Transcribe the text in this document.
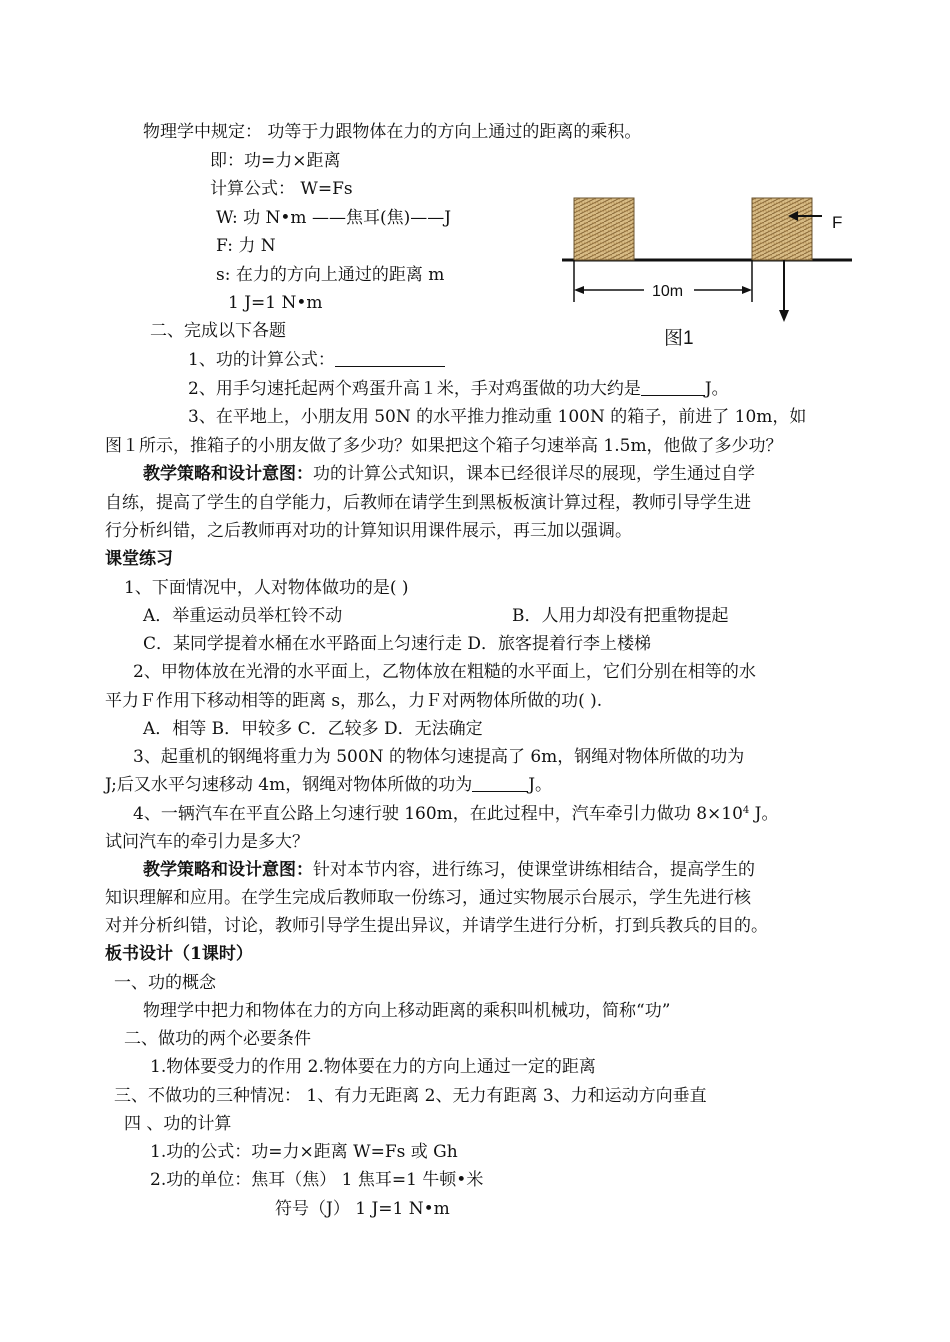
物理学中规定： 功等于力跟物体在力的方向上通过的距离的乘积。
即：功=力×距离
计算公式： W=Fs
W: 功 N•m ——焦耳(焦)——J
F: 力 N
s: 在力的方向上通过的距离 m
1 J=1 N•m
二、完成以下各题
1、功的计算公式：
2、用手匀速托起两个鸡蛋升高１米，手对鸡蛋做的功大约是	J。
3、在平地上，小朋友用 50N 的水平推力推动重 100N 的箱子，前进了 10m，如
图１所示，推箱子的小朋友做了多少功？如果把这个箱子匀速举高 1.5m，他做了多少功？
教学策略和设计意图：功的计算公式知识，课本已经很详尽的展现，学生通过自学
自练，提高了学生的自学能力，后教师在请学生到黑板板演计算过程，教师引导学生进
行分析纠错，之后教师再对功的计算知识用课件展示，再三加以强调。
课堂练习
1、下面情况中，人对物体做功的是( )
A．举重运动员举杠铃不动	B．人用力却没有把重物提起
C．某同学提着水桶在水平路面上匀速行走 D．旅客提着行李上楼梯
2、甲物体放在光滑的水平面上，乙物体放在粗糙的水平面上，它们分别在相等的水
平力Ｆ作用下移动相等的距离 s，那么，力Ｆ对两物体所做的功( ).
A．相等 B．甲较多 C．乙较多 D．无法确定
3、起重机的钢绳将重力为 500N 的物体匀速提高了 6m，钢绳对物体所做的功为
J;后又水平匀速移动 4m，钢绳对物体所做的功为	J。
4、一辆汽车在平直公路上匀速行驶 160m，在此过程中，汽车牵引力做功 $8\times 10^4$ J。
试问汽车的牵引力是多大？
教学策略和设计意图：针对本节内容，进行练习，使课堂讲练相结合，提高学生的
知识理解和应用。在学生完成后教师取一份练习，通过实物展示台展示，学生先进行核
对并分析纠错，讨论，教师引导学生提出异议，并请学生进行分析，打到兵教兵的目的。
板书设计（1课时）
一、功的概念
物理学中把力和物体在力的方向上移动距离的乘积叫机械功，简称“功”
二、做功的两个必要条件
1.物体要受力的作用 2.物体要在力的方向上通过一定的距离
三、不做功的三种情况： 1、有力无距离 2、无力有距离 3、力和运动方向垂直
四 、功的计算
1.功的公式：功=力×距离 W=Fs 或 Gh
2.功的单位：焦耳（焦） 1 焦耳=1 牛顿•米
符号（J） 1 J=1 N•m
F
10m
图1
